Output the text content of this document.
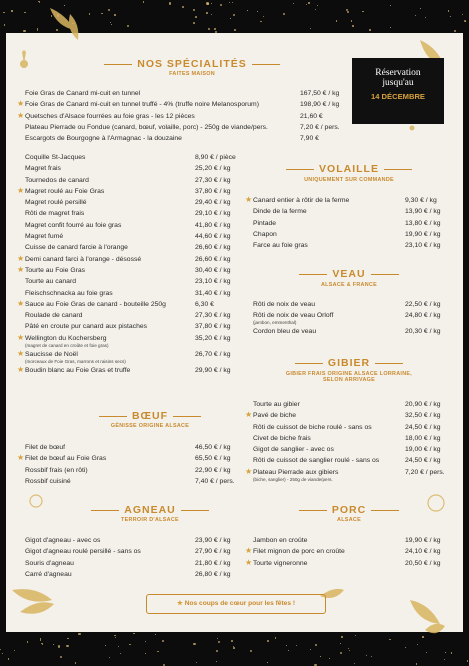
NOS SPÉCIALITÉS
FAITES MAISON
Foie Gras de Canard mi-cuit en tunnel	167,50 € / kg
★ Foie Gras de Canard mi-cuit en tunnel truffé - 4% (truffe noire Melanosporum)	198,90 € / kg
★ Quetsches d'Alsace fourrées au foie gras - les 12 pièces	21,60 €
Plateau Pierrade ou Fondue (canard, bœuf, volaille, porc) - 250g de viande/pers.	7,20 € / pers.
Escargots de Bourgogne à l'Armagnac - la douzaine	7,90 €
Coquille St-Jacques	8,90 € / pièce
Magret frais	25,20 € / kg
Tournedos de canard	27,30 € / kg
★ Magret roulé au Foie Gras	37,80 € / kg
Magret roulé persillé	29,40 € / kg
Rôti de magret frais	29,10 € / kg
Magret confit fourré au foie gras	41,80 € / kg
Magret fumé	44,60 € / kg
Cuisse de canard farcie à l'orange	26,60 € / kg
★ Demi canard farci à l'orange - désossé	26,60 € / kg
★ Tourte au Foie Gras	30,40 € / kg
Tourte au canard	23,10 € / kg
Fleischschnacka au foie gras	31,40 € / kg
★ Sauce au Foie Gras de canard - bouteille 250g	6,30 €
Roulade de canard	27,30 € / kg
Pâté en croute pur canard aux pistaches	37,80 € / kg
★ Wellington du Kochersberg	35,20 € / kg
(magret de canard en croûte et foie gras)
★ Saucisse de Noël	26,70 € / kg
(morceaux de Foie Gras, marrons et raisins secs)
★ Boudin blanc au Foie Gras et truffe	29,90 € / kg
Réservation
jusqu'au
14 DÉCEMBRE
VOLAILLE
UNIQUEMENT SUR COMMANDE
★ Canard entier à rôtir de la ferme	9,30 € / kg
Dinde de la ferme	13,90 € / kg
Pintade	13,80 € / kg
Chapon	19,90 € / kg
Farce au foie gras	23,10 € / kg
VEAU
ALSACE & FRANCE
Rôti de noix de veau	22,50 € / kg
Rôti de noix de veau Orloff	24,80 € / kg
(jambon, emmenthal)
Cordon bleu de veau	20,30 € / kg
GIBIER
GIBIER FRAIS ORIGINE ALSACE LORRAINE,
SELON ARRIVAGE
Tourte au gibier	20,90 € / kg
★ Pavé de biche	32,50 € / kg
Rôti de cuissot de biche roulé - sans os	24,50 € / kg
Civet de biche frais	18,00 € / kg
Gigot de sanglier - avec os	19,00 € / kg
Rôti de cuissot de sanglier roulé - sans os	24,50 € / kg
★ Plateau Pierrade aux gibiers	7,20 € / pers.
(biche, sanglier) - 250g de viande/pers.
BŒUF
GÉNISSE ORIGINE ALSACE
Filet de bœuf	46,50 € / kg
★ Filet de bœuf au Foie Gras	65,50 € / kg
Rossbif frais (en rôti)	22,90 € / kg
Rossbif cuisiné	7,40 € / pers.
AGNEAU
TERROIR D'ALSACE
Gigot d'agneau - avec os	23,90 € / kg
Gigot d'agneau roulé persillé - sans os	27,90 € / kg
Souris d'agneau	21,80 € / kg
Carré d'agneau	26,80 € / kg
PORC
ALSACE
Jambon en croûte	19,90 € / kg
★ Filet mignon de porc en croûte	24,10 € / kg
★ Tourte vigneronne	20,50 € / kg
★ Nos coups de cœur pour les fêtes !
